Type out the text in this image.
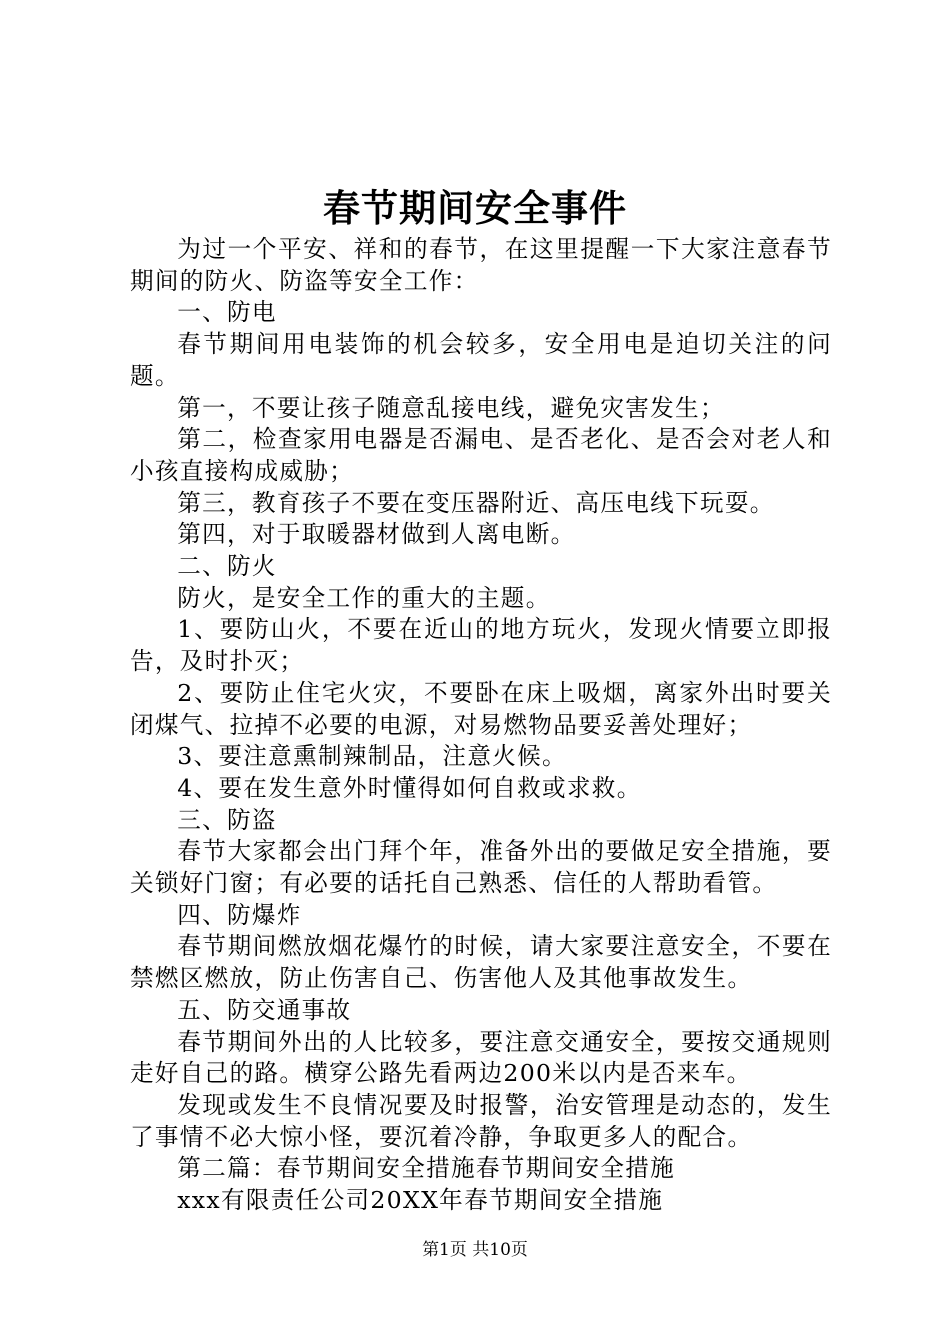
春节期间安全事件

为过一个平安、祥和的春节，在这里提醒一下大家注意春节期间的防火、防盗等安全工作：

一、防电

春节期间用电装饰的机会较多，安全用电是迫切关注的问题。

第一，不要让孩子随意乱接电线，避免灾害发生；

第二，检查家用电器是否漏电、是否老化、是否会对老人和小孩直接构成威胁；

第三，教育孩子不要在变压器附近、高压电线下玩耍。

第四，对于取暖器材做到人离电断。

二、防火

防火，是安全工作的重大的主题。

1、要防山火，不要在近山的地方玩火，发现火情要立即报告，及时扑灭；

2、要防止住宅火灾，不要卧在床上吸烟，离家外出时要关闭煤气、拉掉不必要的电源，对易燃物品要妥善处理好；

3、要注意熏制辣制品，注意火候。

4、要在发生意外时懂得如何自救或求救。

三、防盗

春节大家都会出门拜个年，准备外出的要做足安全措施，要关锁好门窗；有必要的话托自己熟悉、信任的人帮助看管。

四、防爆炸

春节期间燃放烟花爆竹的时候，请大家要注意安全，不要在禁燃区燃放，防止伤害自己、伤害他人及其他事故发生。

五、防交通事故

春节期间外出的人比较多，要注意交通安全，要按交通规则走好自己的路。横穿公路先看两边200米以内是否来车。

发现或发生不良情况要及时报警，治安管理是动态的，发生了事情不必大惊小怪，要沉着冷静，争取更多人的配合。

第二篇：春节期间安全措施春节期间安全措施

xxx有限责任公司20XX年春节期间安全措施

第1页 共10页
